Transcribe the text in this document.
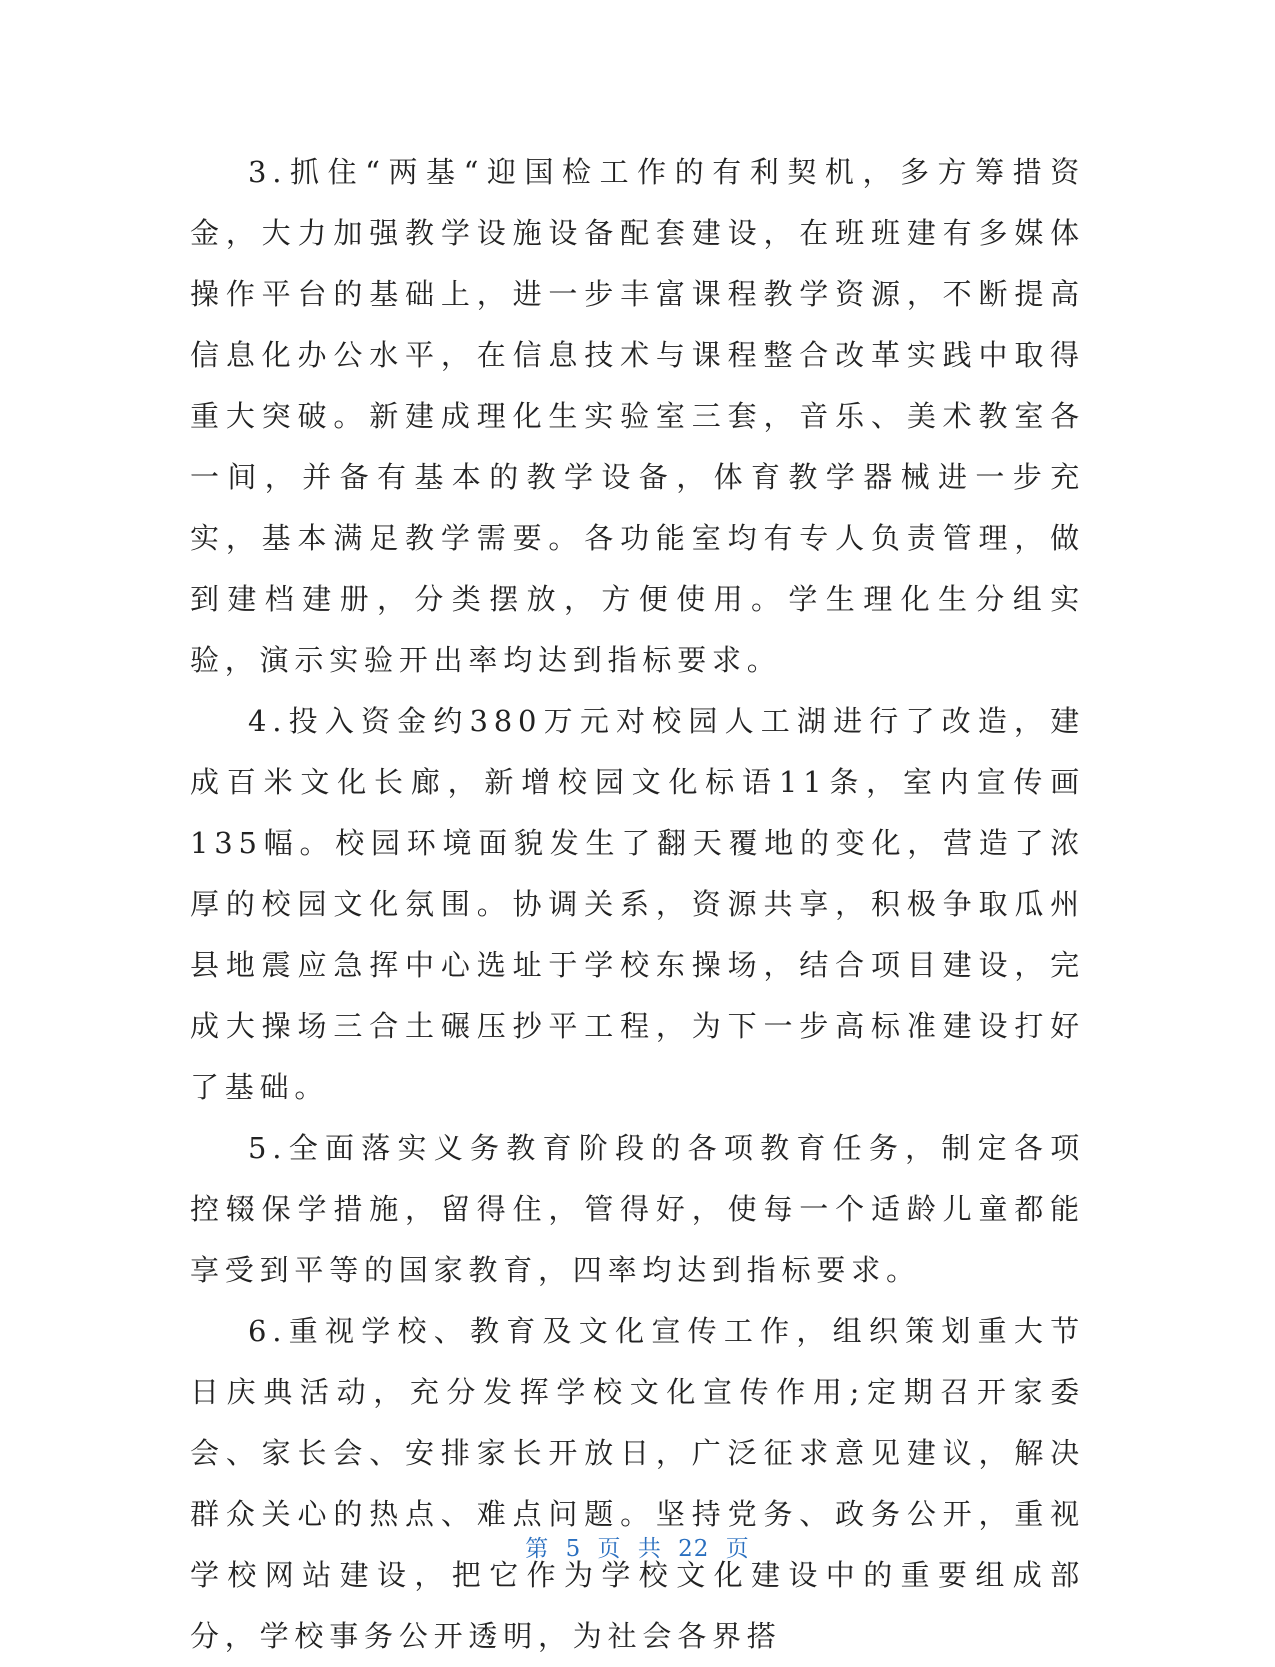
3.抓住“两基“迎国检工作的有利契机，多方筹措资金，大力加强教学设施设备配套建设，在班班建有多媒体操作平台的基础上，进一步丰富课程教学资源，不断提高信息化办公水平，在信息技术与课程整合改革实践中取得重大突破。新建成理化生实验室三套，音乐、美术教室各一间，并备有基本的教学设备，体育教学器械进一步充实，基本满足教学需要。各功能室均有专人负责管理，做到建档建册，分类摆放，方便使用。学生理化生分组实验，演示实验开出率均达到指标要求。

4.投入资金约380万元对校园人工湖进行了改造，建成百米文化长廊，新增校园文化标语11条，室内宣传画135幅。校园环境面貌发生了翻天覆地的变化，营造了浓厚的校园文化氛围。协调关系，资源共享，积极争取瓜州县地震应急挥中心选址于学校东操场，结合项目建设，完成大操场三合土碾压抄平工程，为下一步高标准建设打好了基础。

5.全面落实义务教育阶段的各项教育任务，制定各项控辍保学措施，留得住，管得好，使每一个适龄儿童都能享受到平等的国家教育，四率均达到指标要求。

6.重视学校、教育及文化宣传工作，组织策划重大节日庆典活动，充分发挥学校文化宣传作用;定期召开家委会、家长会、安排家长开放日，广泛征求意见建议，解决群众关心的热点、难点问题。坚持党务、政务公开，重视学校网站建设，把它作为学校文化建设中的重要组成部分，学校事务公开透明，为社会各界搭

第 5 页 共 22 页
